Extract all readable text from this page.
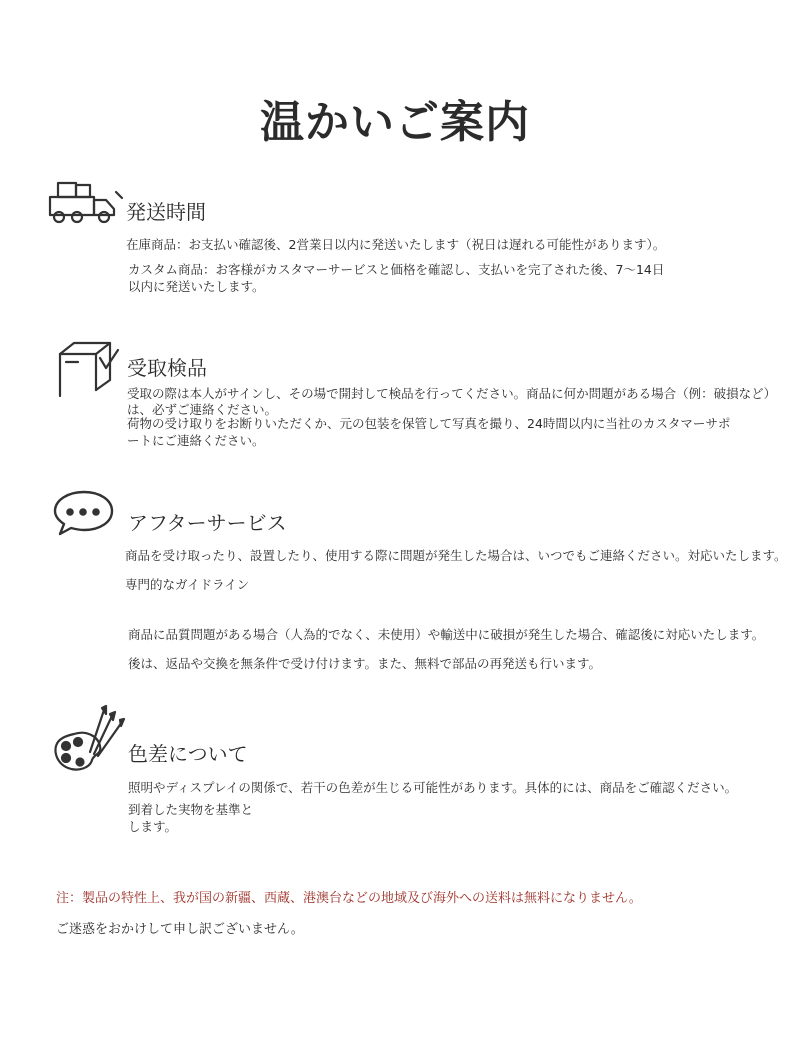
温かいご案内
発送時間
在庫商品：お支払い確認後、2営業日以内に発送いたします（祝日は遅れる可能性があります）。
カスタム商品：お客様がカスタマーサービスと価格を確認し、支払いを完了された後、7〜14日
以内に発送いたします。
受取検品
受取の際は本人がサインし、その場で開封して検品を行ってください。商品に何か問題がある場合（例：破損など）
は、必ずご連絡ください。
荷物の受け取りをお断りいただくか、元の包装を保管して写真を撮り、24時間以内に当社のカスタマーサポ
ートにご連絡ください。
アフターサービス
商品を受け取ったり、設置したり、使用する際に問題が発生した場合は、いつでもご連絡ください。対応いたします。
専門的なガイドライン
商品に品質問題がある場合（人為的でなく、未使用）や輸送中に破損が発生した場合、確認後に対応いたします。
後は、返品や交換を無条件で受け付けます。また、無料で部品の再発送も行います。
色差について
照明やディスプレイの関係で、若干の色差が生じる可能性があります。具体的には、商品をご確認ください。
到着した実物を基準と
します。
注：製品の特性上、我が国の新疆、西蔵、港澳台などの地域及び海外への送料は無料になりません。
ご迷惑をおかけして申し訳ございません。
